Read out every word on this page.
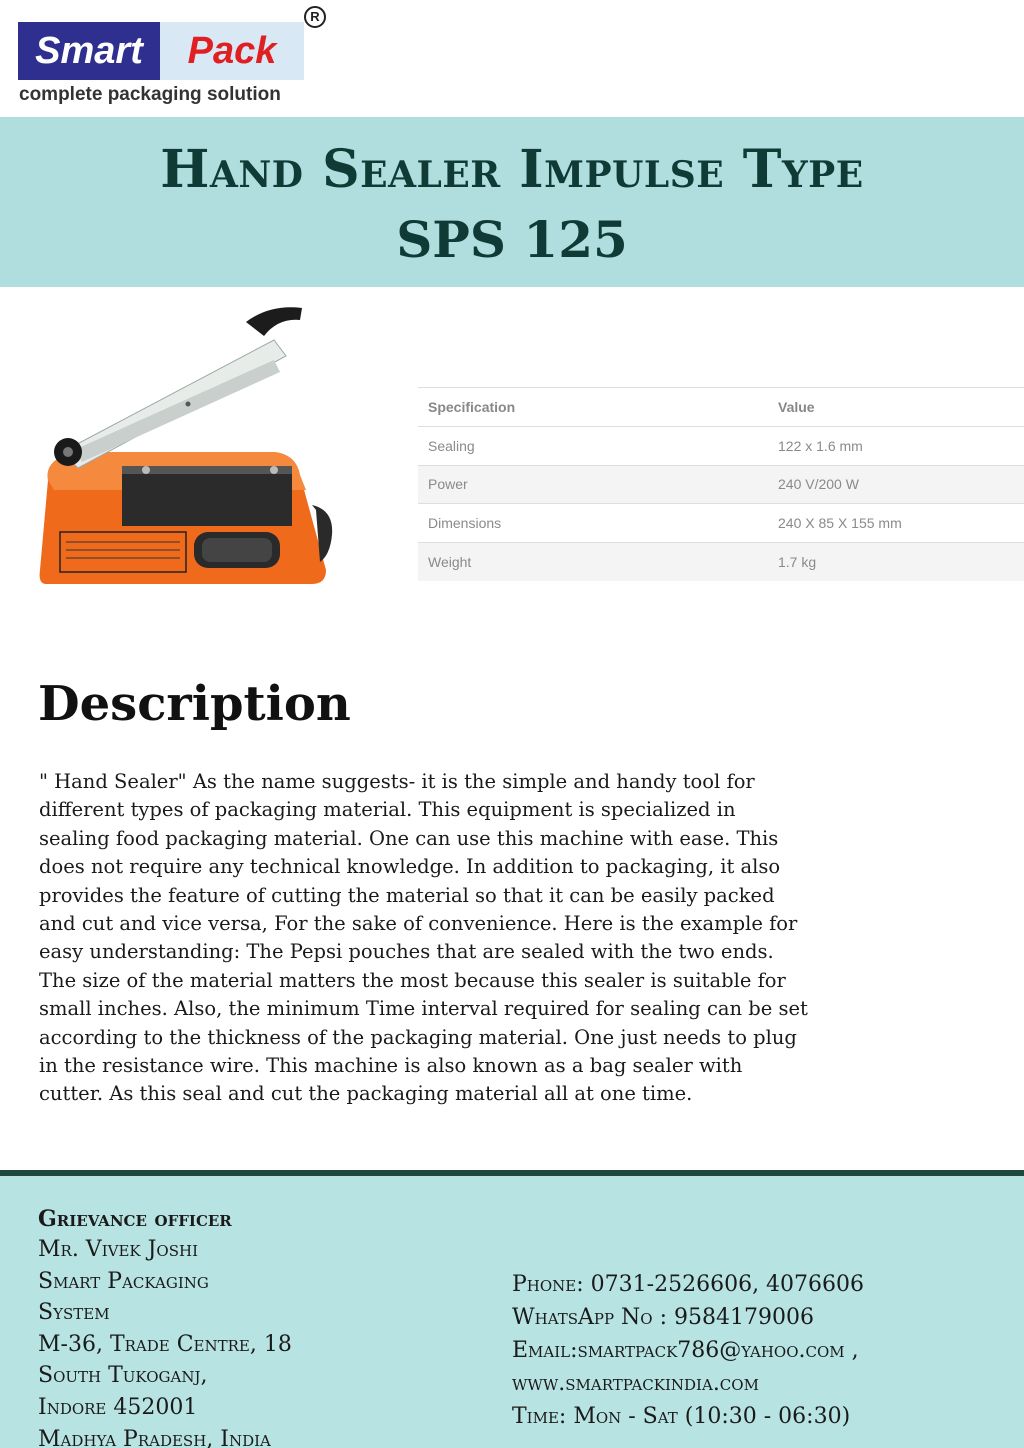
Smart	Pack
R
complete packaging solution
Hand Sealer Impulse Type
SPS 125
Specification	Value
Sealing	122 x 1.6 mm
Power	240 V/200 W
Dimensions	240 X 85 X 155 mm
Weight	1.7 kg
Description

" Hand Sealer" As the name suggests- it is the simple and handy tool for
different types of packaging material. This equipment is specialized in
sealing food packaging material. One can use this machine with ease. This
does not require any technical knowledge. In addition to packaging, it also
provides the feature of cutting the material so that it can be easily packed
and cut and vice versa, For the sake of convenience. Here is the example for
easy understanding: The Pepsi pouches that are sealed with the two ends.
The size of the material matters the most because this sealer is suitable for
small inches. Also, the minimum Time interval required for sealing can be set
according to the thickness of the packaging material. One just needs to plug
in the resistance wire. This machine is also known as a bag sealer with
cutter. As this seal and cut the packaging material all at one time.

Grievance officer
Mr. Vivek Joshi
Smart Packaging
System
M-36, Trade Centre, 18
South Tukoganj,
Indore 452001
Madhya Pradesh, India
Phone: 0731-2526606, 4076606
WhatsApp No : 9584179006
Email:smartpack786@yahoo.com ,
www.smartpackindia.com
Time: Mon - Sat (10:30 - 06:30)
